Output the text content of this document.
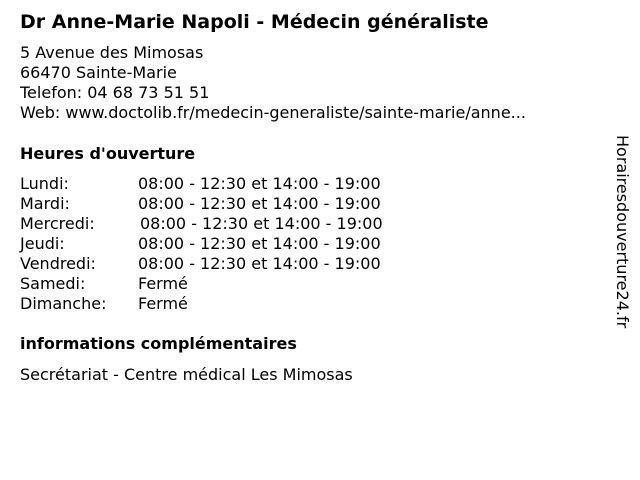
Dr Anne-Marie Napoli - Médecin généraliste
5 Avenue des Mimosas
66470 Sainte-Marie
Telefon: 04 68 73 51 51
Web: www.doctolib.fr/medecin-generaliste/sainte-marie/anne...
Heures d'ouverture
Lundi:	08:00 - 12:30 et 14:00 - 19:00
Mardi:	08:00 - 12:30 et 14:00 - 19:00
Mercredi:	08:00 - 12:30 et 14:00 - 19:00
Jeudi:	08:00 - 12:30 et 14:00 - 19:00
Vendredi:	08:00 - 12:30 et 14:00 - 19:00
Samedi:	Fermé
Dimanche: Fermé
informations complémentaires
Secrétariat - Centre médical Les Mimosas
Horairesdouverture24.fr
